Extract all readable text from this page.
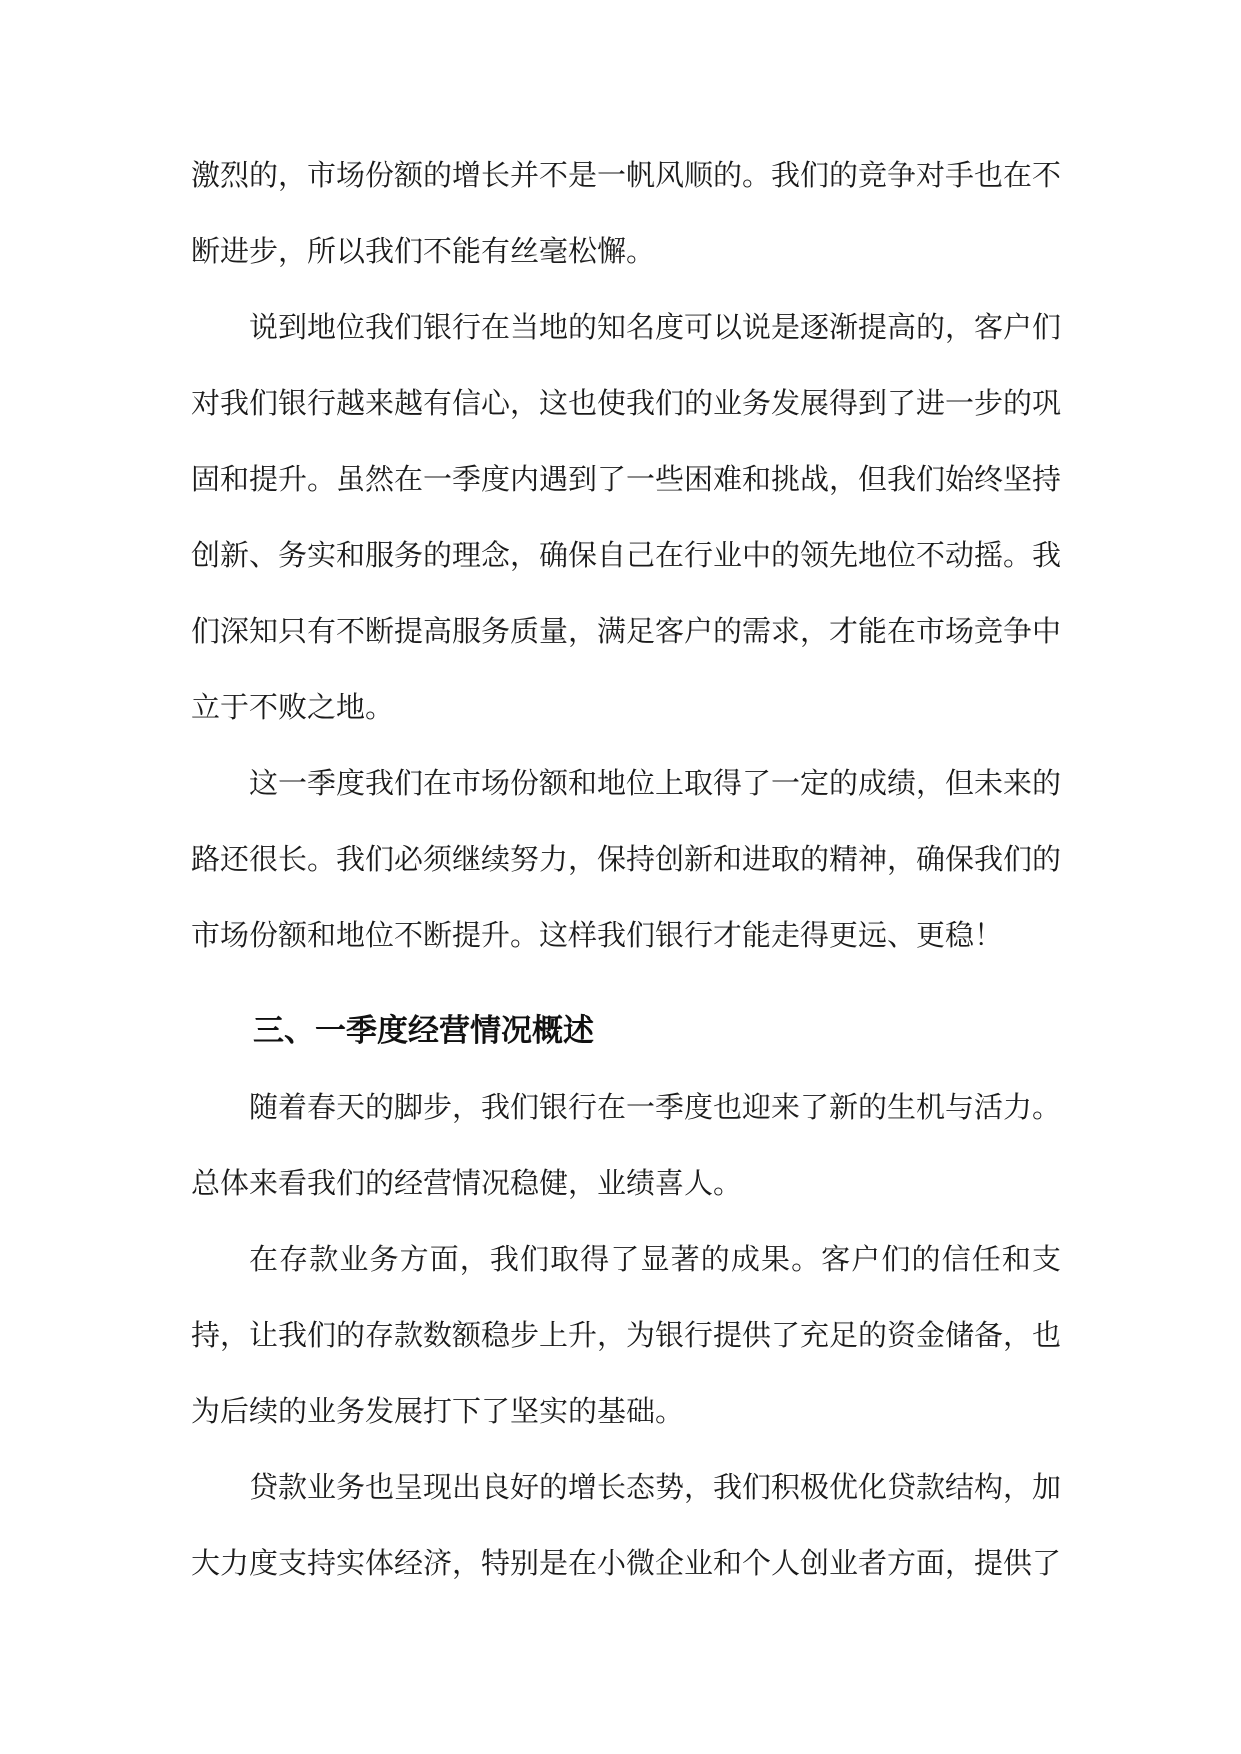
激烈的，市场份额的增长并不是一帆风顺的。我们的竞争对手也在不断进步，所以我们不能有丝毫松懈。

说到地位我们银行在当地的知名度可以说是逐渐提高的，客户们对我们银行越来越有信心，这也使我们的业务发展得到了进一步的巩固和提升。虽然在一季度内遇到了一些困难和挑战，但我们始终坚持创新、务实和服务的理念，确保自己在行业中的领先地位不动摇。我们深知只有不断提高服务质量，满足客户的需求，才能在市场竞争中立于不败之地。

这一季度我们在市场份额和地位上取得了一定的成绩，但未来的路还很长。我们必须继续努力，保持创新和进取的精神，确保我们的市场份额和地位不断提升。这样我们银行才能走得更远、更稳！

三、一季度经营情况概述

随着春天的脚步，我们银行在一季度也迎来了新的生机与活力。总体来看我们的经营情况稳健，业绩喜人。

在存款业务方面，我们取得了显著的成果。客户们的信任和支持，让我们的存款数额稳步上升，为银行提供了充足的资金储备，也为后续的业务发展打下了坚实的基础。

贷款业务也呈现出良好的增长态势，我们积极优化贷款结构，加大力度支持实体经济，特别是在小微企业和个人创业者方面，提供了
